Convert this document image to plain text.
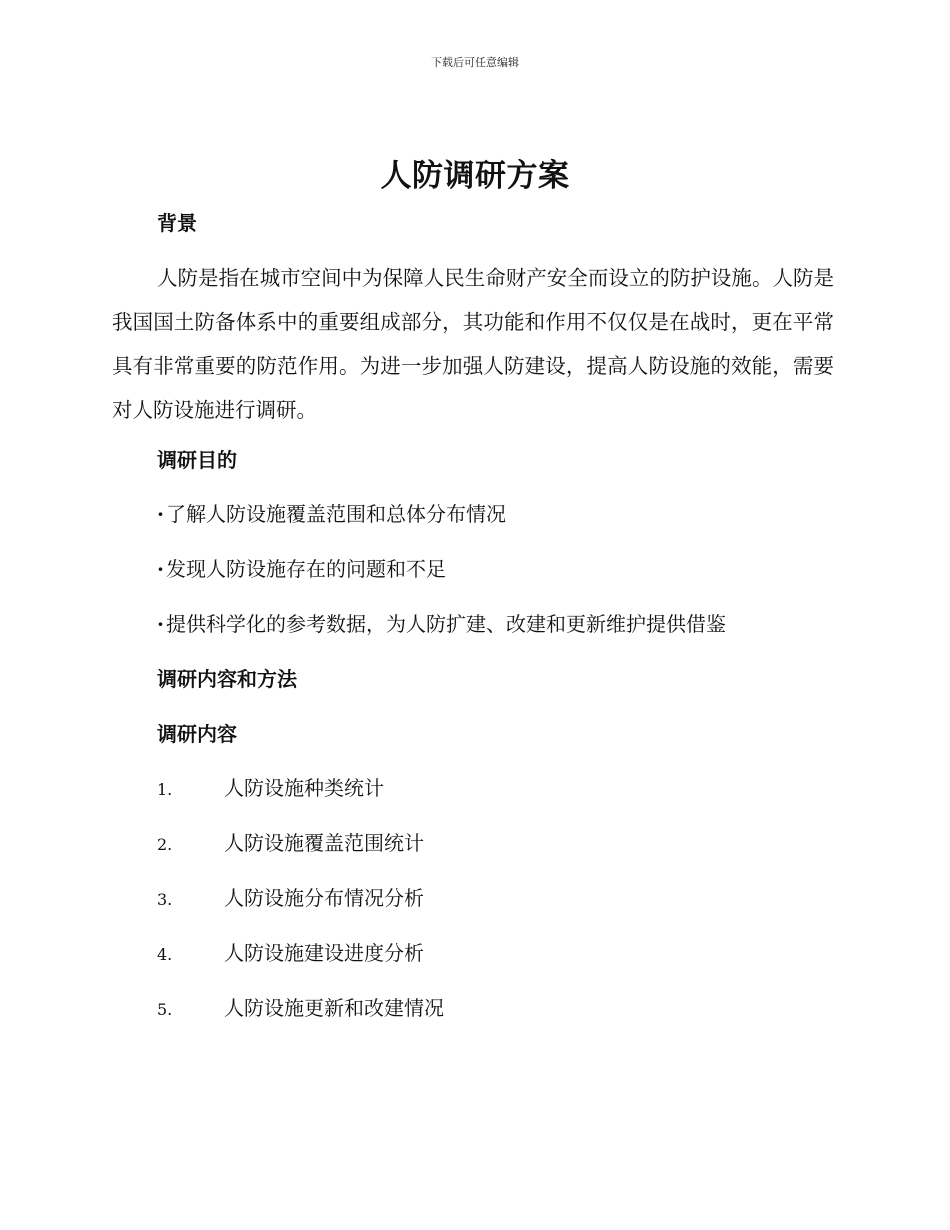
下载后可任意编辑
人防调研方案
背景
人防是指在城市空间中为保障人民生命财产安全而设立的防护设施。人防是我国国土防备体系中的重要组成部分，其功能和作用不仅仅是在战时，更在平常具有非常重要的防范作用。为进一步加强人防建设，提高人防设施的效能，需要对人防设施进行调研。
调研目的
· 了解人防设施覆盖范围和总体分布情况
· 发现人防设施存在的问题和不足
· 提供科学化的参考数据，为人防扩建、改建和更新维护提供借鉴
调研内容和方法
调研内容
1.	人防设施种类统计
2.	人防设施覆盖范围统计
3.	人防设施分布情况分析
4.	人防设施建设进度分析
5.	人防设施更新和改建情况
